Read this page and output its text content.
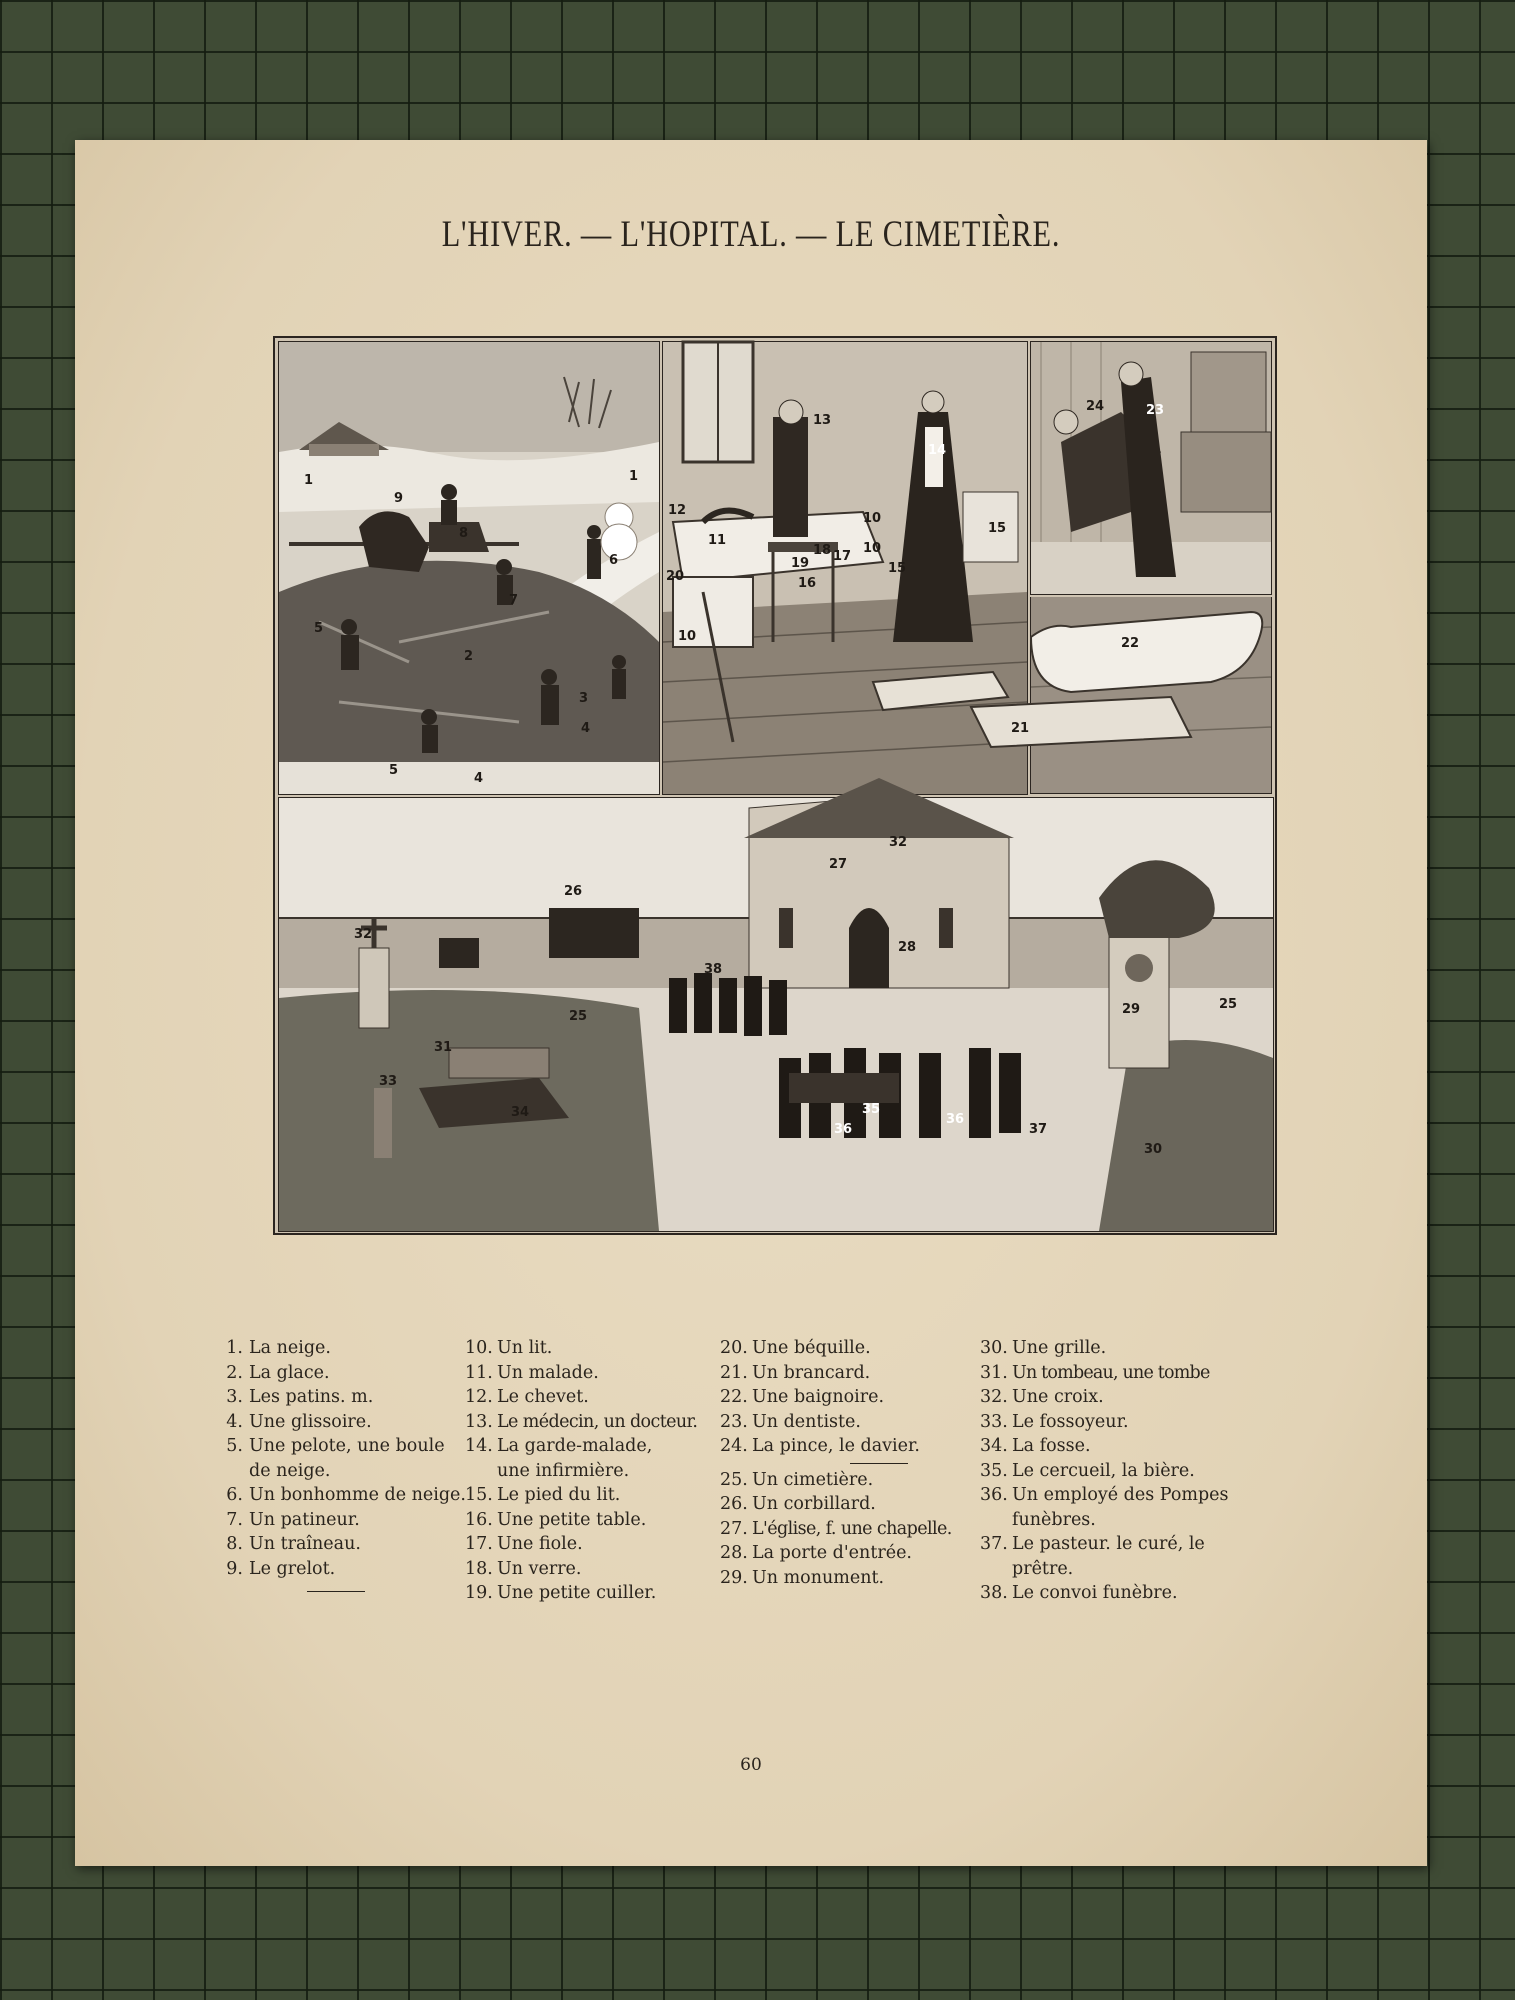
L'HIVER. — L'HOPITAL. — LE CIMETIÈRE.
1	1
9
8
6
7
5
2
3
4
5
4
13
14
12
11
10
10
15
20
19
18 17
16
10
15
24	23
22
21
32
26
25
31
33
34
38
27
32
28
29	25
35
36
36
37
30
1. La neige.
2. La glace.
3. Les patins. m.
4. Une glissoire.
5. Une pelote, une boule de neige.
6. Un bonhomme de neige.
7. Un patineur.
8. Un traîneau.
9. Le grelot.
10. Un lit.
11. Un malade.
12. Le chevet.
13. Le médecin, un docteur.
14. La garde-malade, une infirmière.
15. Le pied du lit.
16. Une petite table.
17. Une fiole.
18. Un verre.
19. Une petite cuiller.
20. Une béquille.
21. Un brancard.
22. Une baignoire.
23. Un dentiste.
24. La pince, le davier.
25. Un cimetière.
26. Un corbillard.
27. L'église, f. une chapelle.
28. La porte d'entrée.
29. Un monument.
30. Une grille.
31. Un tombeau, une tombe
32. Une croix.
33. Le fossoyeur.
34. La fosse.
35. Le cercueil, la bière.
36. Un employé des Pompes funèbres.
37. Le pasteur. le curé, le prêtre.
38. Le convoi funèbre.
60
